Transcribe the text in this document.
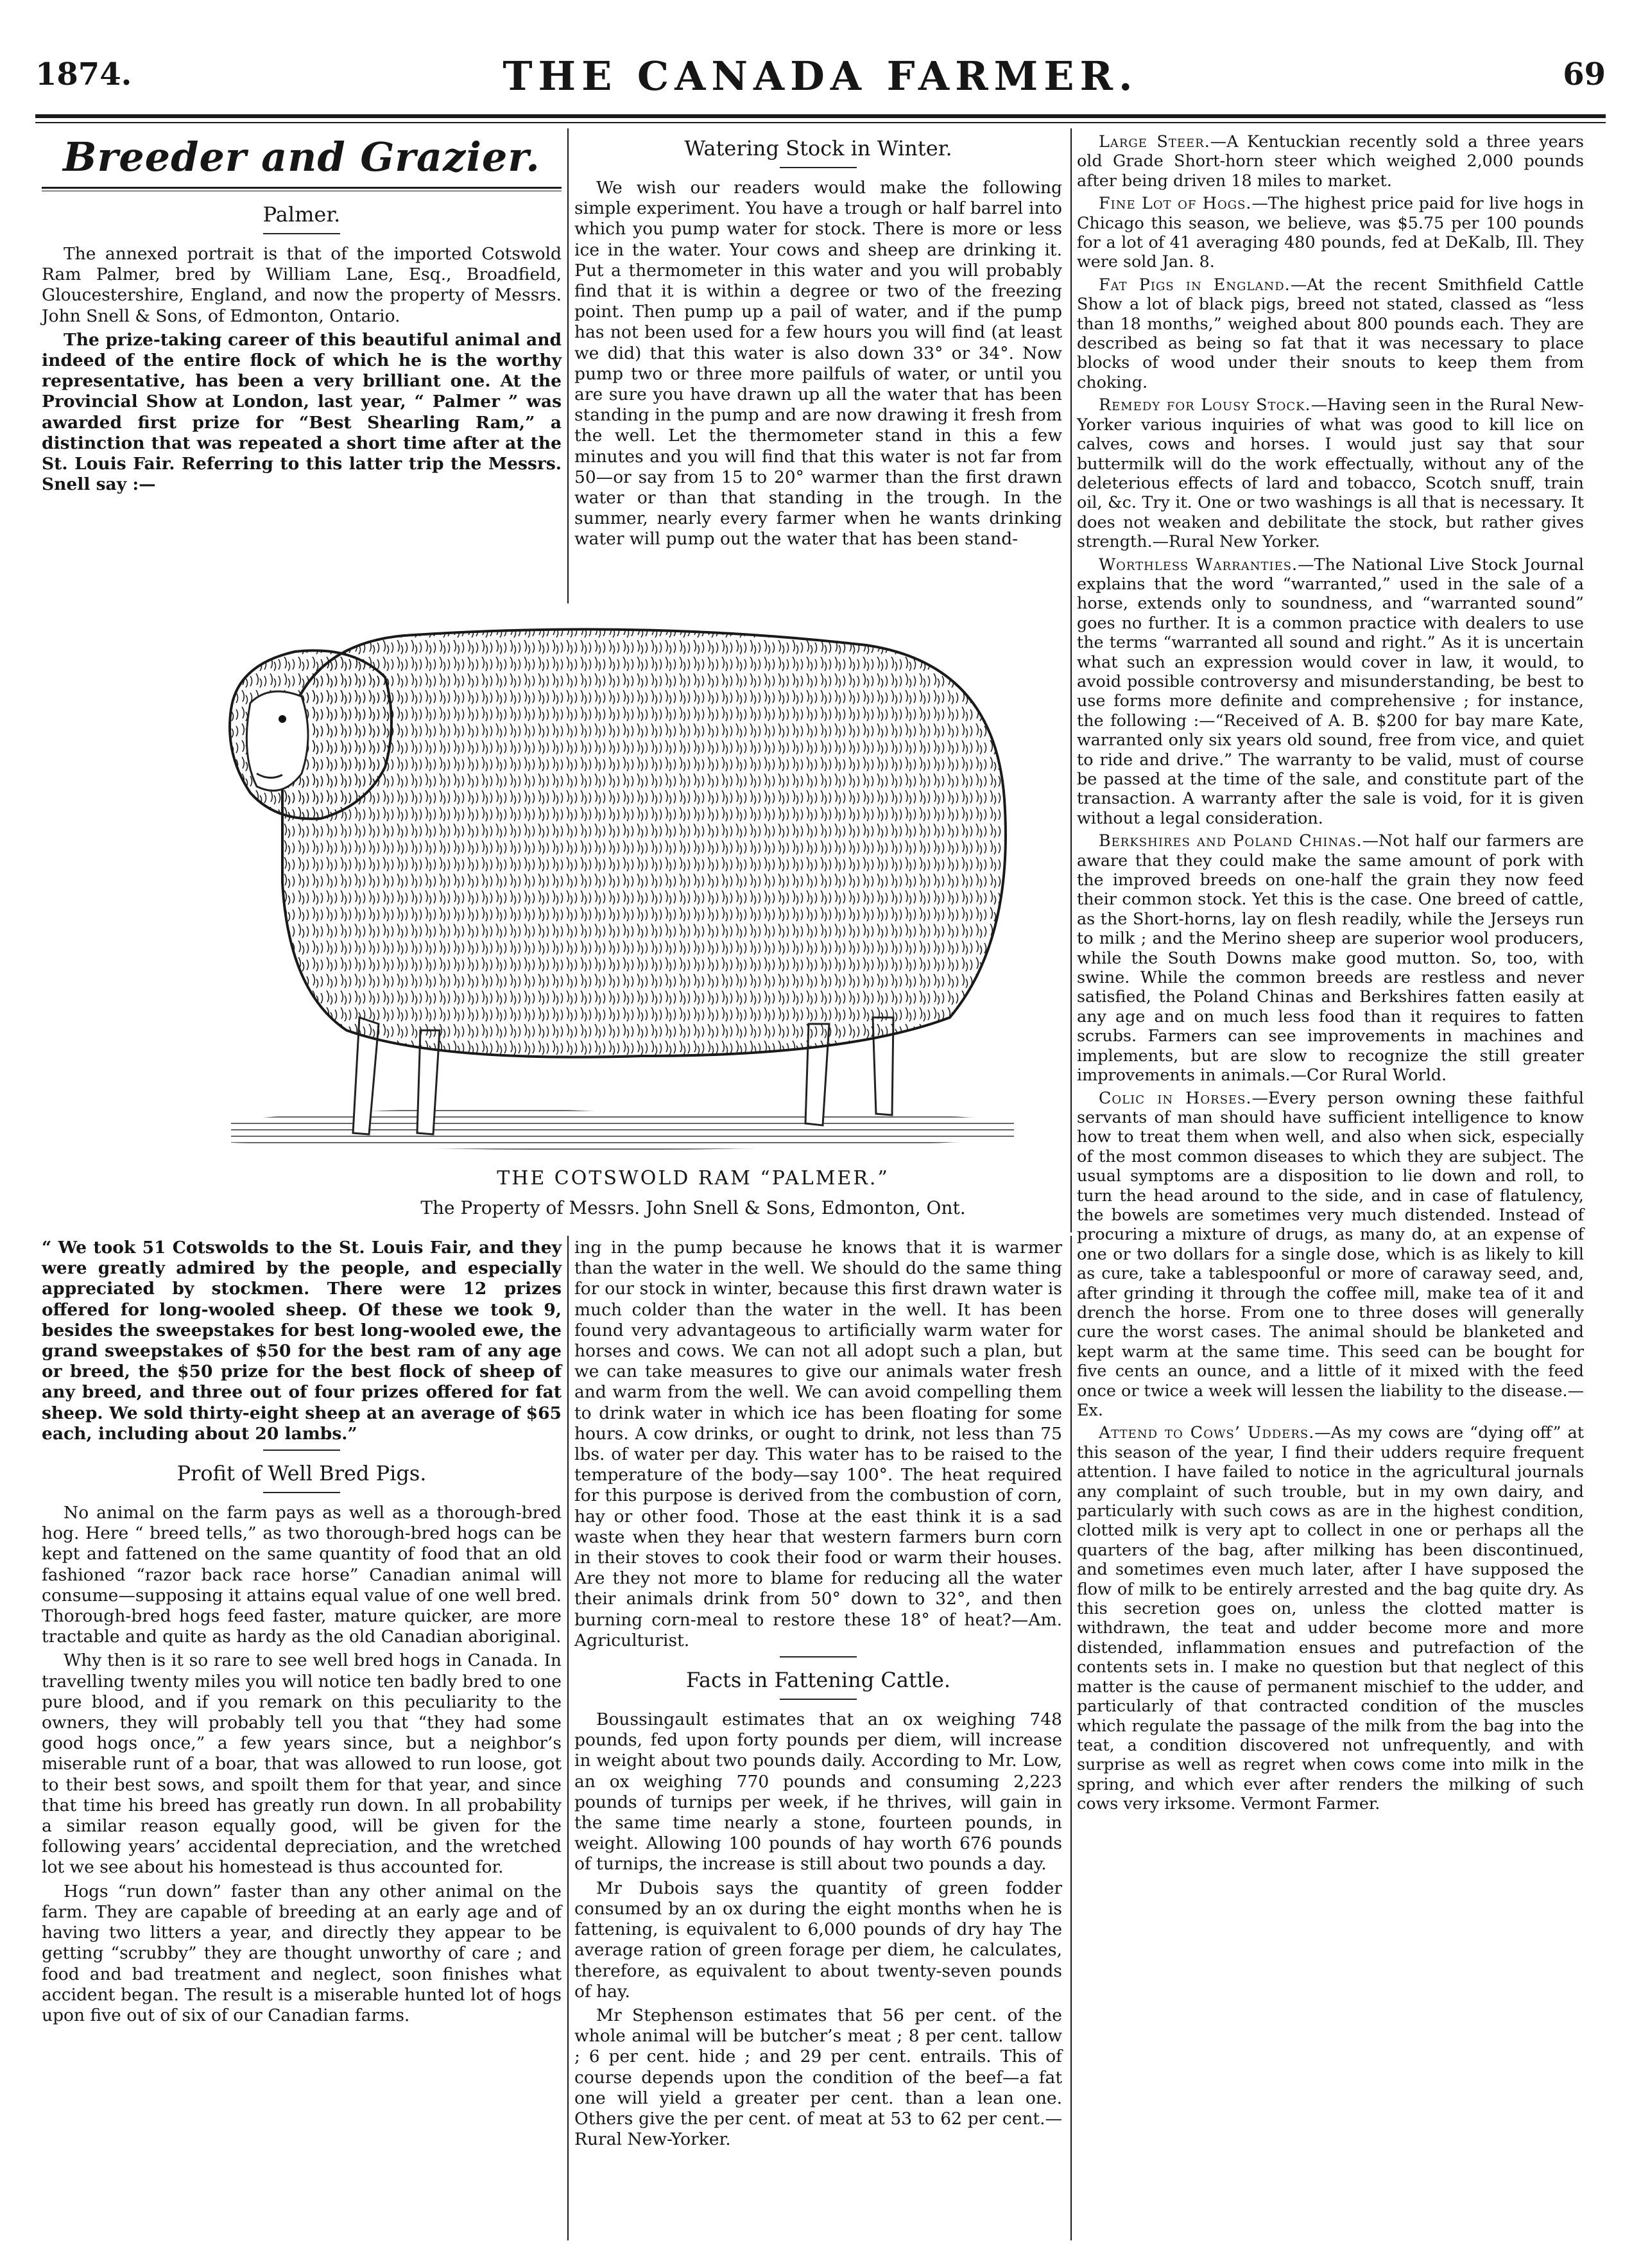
1874.	THE CANADA FARMER.	69
Breeder and Grazier.
Palmer.

The annexed portrait is that of the imported Cotswold Ram Palmer, bred by William Lane, Esq., Broadfield, Gloucestershire, England, and now the property of Messrs. John Snell & Sons, of Edmonton, Ontario.

The prize-taking career of this beautiful animal and indeed of the entire flock of which he is the worthy representative, has been a very brilliant one. At the Provincial Show at London, last year, “ Palmer ” was awarded first prize for “Best Shearling Ram,” a distinction that was repeated a short time after at the St. Louis Fair. Referring to this latter trip the Messrs. Snell say :—

Watering Stock in Winter.

We wish our readers would make the following simple experiment. You have a trough or half barrel into which you pump water for stock. There is more or less ice in the water. Your cows and sheep are drinking it. Put a thermometer in this water and you will probably find that it is within a degree or two of the freezing point. Then pump up a pail of water, and if the pump has not been used for a few hours you will find (at least we did) that this water is also down 33° or 34°. Now pump two or three more pailfuls of water, or until you are sure you have drawn up all the water that has been standing in the pump and are now drawing it fresh from the well. Let the thermometer stand in this a few minutes and you will find that this water is not far from 50—or say from 15 to 20° warmer than the first drawn water or than that standing in the trough. In the summer, nearly every farmer when he wants drinking water will pump out the water that has been stand-

Large Steer.—A Kentuckian recently sold a three years old Grade Short-horn steer which weighed 2,000 pounds after being driven 18 miles to market.

Fine Lot of Hogs.—The highest price paid for live hogs in Chicago this season, we believe, was $5.75 per 100 pounds for a lot of 41 averaging 480 pounds, fed at DeKalb, Ill. They were sold Jan. 8.

Fat Pigs in England.—At the recent Smithfield Cattle Show a lot of black pigs, breed not stated, classed as “less than 18 months,” weighed about 800 pounds each. They are described as being so fat that it was necessary to place blocks of wood under their snouts to keep them from choking.

Remedy for Lousy Stock.—Having seen in the Rural New-Yorker various inquiries of what was good to kill lice on calves, cows and horses. I would just say that sour buttermilk will do the work effectually, without any of the deleterious effects of lard and tobacco, Scotch snuff, train oil, &c. Try it. One or two washings is all that is necessary. It does not weaken and debilitate the stock, but rather gives strength.—Rural New Yorker.

Worthless Warranties.—The National Live Stock Journal explains that the word “warranted,” used in the sale of a horse, extends only to soundness, and “warranted sound” goes no further. It is a common practice with dealers to use the terms “warranted all sound and right.” As it is uncertain what such an expression would cover in law, it would, to avoid possible controversy and misunderstanding, be best to use forms more definite and comprehensive ; for instance, the following :—“Received of A. B. $200 for bay mare Kate, warranted only six years old sound, free from vice, and quiet to ride and drive.” The warranty to be valid, must of course be passed at the time of the sale, and constitute part of the transaction. A warranty after the sale is void, for it is given without a legal consideration.

Berkshires and Poland Chinas.—Not half our farmers are aware that they could make the same amount of pork with the improved breeds on one-half the grain they now feed their common stock. Yet this is the case. One breed of cattle, as the Short-horns, lay on flesh readily, while the Jerseys run to milk ; and the Merino sheep are superior wool producers, while the South Downs make good mutton. So, too, with swine. While the common breeds are restless and never satisfied, the Poland Chinas and Berkshires fatten easily at any age and on much less food than it requires to fatten scrubs. Farmers can see improvements in machines and implements, but are slow to recognize the still greater improvements in animals.—Cor Rural World.

Colic in Horses.—Every person owning these faithful servants of man should have sufficient intelligence to know how to treat them when well, and also when sick, especially of the most common diseases to which they are subject. The usual symptoms are a disposition to lie down and roll, to turn the head around to the side, and in case of flatulency, the bowels are sometimes very much distended. Instead of procuring a mixture of drugs, as many do, at an expense of one or two dollars for a single dose, which is as likely to kill as cure, take a tablespoonful or more of caraway seed, and, after grinding it through the coffee mill, make tea of it and drench the horse. From one to three doses will generally cure the worst cases. The animal should be blanketed and kept warm at the same time. This seed can be bought for five cents an ounce, and a little of it mixed with the feed once or twice a week will lessen the liability to the disease.—Ex.

Attend to Cows’ Udders.—As my cows are “dying off” at this season of the year, I find their udders require frequent attention. I have failed to notice in the agricultural journals any complaint of such trouble, but in my own dairy, and particularly with such cows as are in the highest condition, clotted milk is very apt to collect in one or perhaps all the quarters of the bag, after milking has been discontinued, and sometimes even much later, after I have supposed the flow of milk to be entirely arrested and the bag quite dry. As this secretion goes on, unless the clotted matter is withdrawn, the teat and udder become more and more distended, inflammation ensues and putrefaction of the contents sets in. I make no question but that neglect of this matter is the cause of permanent mischief to the udder, and particularly of that contracted condition of the muscles which regulate the passage of the milk from the bag into the teat, a condition discovered not unfrequently, and with surprise as well as regret when cows come into milk in the spring, and which ever after renders the milking of such cows very irksome. Vermont Farmer.

THE COTSWOLD RAM “PALMER.”
The Property of Messrs. John Snell & Sons, Edmonton, Ont.

“ We took 51 Cotswolds to the St. Louis Fair, and they were greatly admired by the people, and especially appreciated by stockmen. There were 12 prizes offered for long-wooled sheep. Of these we took 9, besides the sweepstakes for best long-wooled ewe, the grand sweepstakes of $50 for the best ram of any age or breed, the $50 prize for the best flock of sheep of any breed, and three out of four prizes offered for fat sheep. We sold thirty-eight sheep at an average of $65 each, including about 20 lambs.”

Profit of Well Bred Pigs.

No animal on the farm pays as well as a thorough-bred hog. Here “ breed tells,” as two thorough-bred hogs can be kept and fattened on the same quantity of food that an old fashioned “razor back race horse” Canadian animal will consume—supposing it attains equal value of one well bred. Thorough-bred hogs feed faster, mature quicker, are more tractable and quite as hardy as the old Canadian aboriginal.

Why then is it so rare to see well bred hogs in Canada. In travelling twenty miles you will notice ten badly bred to one pure blood, and if you remark on this peculiarity to the owners, they will probably tell you that “they had some good hogs once,” a few years since, but a neighbor’s miserable runt of a boar, that was allowed to run loose, got to their best sows, and spoilt them for that year, and since that time his breed has greatly run down. In all probability a similar reason equally good, will be given for the following years’ accidental depreciation, and the wretched lot we see about his homestead is thus accounted for.

Hogs “run down” faster than any other animal on the farm. They are capable of breeding at an early age and of having two litters a year, and directly they appear to be getting “scrubby” they are thought unworthy of care ; and food and bad treatment and neglect, soon finishes what accident began. The result is a miserable hunted lot of hogs upon five out of six of our Canadian farms.

ing in the pump because he knows that it is warmer than the water in the well. We should do the same thing for our stock in winter, because this first drawn water is much colder than the water in the well. It has been found very advantageous to artificially warm water for horses and cows. We can not all adopt such a plan, but we can take measures to give our animals water fresh and warm from the well. We can avoid compelling them to drink water in which ice has been floating for some hours. A cow drinks, or ought to drink, not less than 75 lbs. of water per day. This water has to be raised to the temperature of the body—say 100°. The heat required for this purpose is derived from the combustion of corn, hay or other food. Those at the east think it is a sad waste when they hear that western farmers burn corn in their stoves to cook their food or warm their houses. Are they not more to blame for reducing all the water their animals drink from 50° down to 32°, and then burning corn-meal to restore these 18° of heat?—Am. Agriculturist.

Facts in Fattening Cattle.

Boussingault estimates that an ox weighing 748 pounds, fed upon forty pounds per diem, will increase in weight about two pounds daily. According to Mr. Low, an ox weighing 770 pounds and consuming 2,223 pounds of turnips per week, if he thrives, will gain in the same time nearly a stone, fourteen pounds, in weight. Allowing 100 pounds of hay worth 676 pounds of turnips, the increase is still about two pounds a day.

Mr Dubois says the quantity of green fodder consumed by an ox during the eight months when he is fattening, is equivalent to 6,000 pounds of dry hay The average ration of green forage per diem, he calculates, therefore, as equivalent to about twenty-seven pounds of hay.

Mr Stephenson estimates that 56 per cent. of the whole animal will be butcher’s meat ; 8 per cent. tallow ; 6 per cent. hide ; and 29 per cent. entrails. This of course depends upon the condition of the beef—a fat one will yield a greater per cent. than a lean one. Others give the per cent. of meat at 53 to 62 per cent.—Rural New-Yorker.
